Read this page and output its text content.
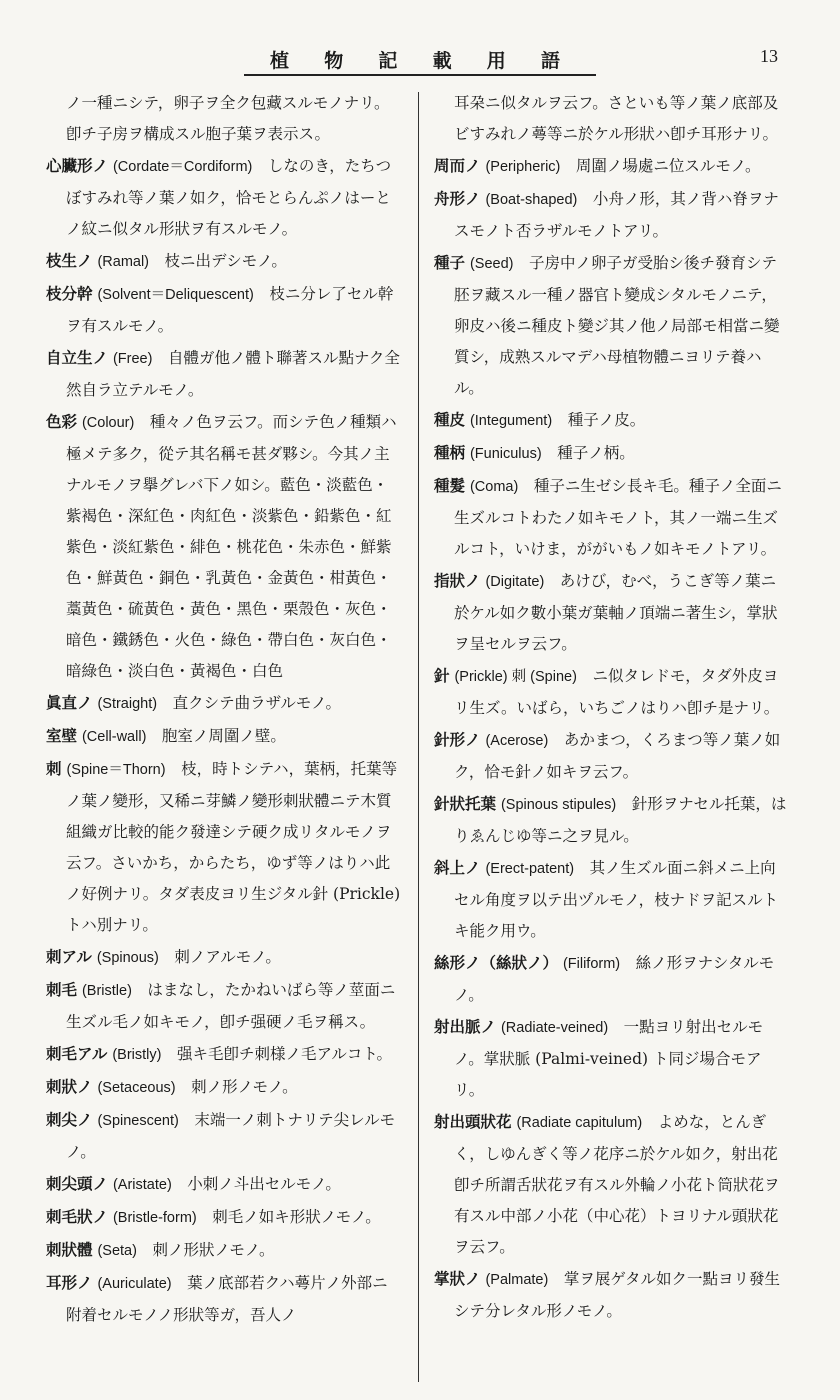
植 物 記 載 用 語	13

ノ一種ニシテ，卵子ヲ全ク包藏スルモノナリ。卽チ子房ヲ構成スル胞子葉ヲ表示ス。

心臟形ノ (Cordate＝Cordiform)　 しなのき，たちつぼすみれ等ノ葉ノ如ク，恰モとらんぷノはーとノ紋ニ似タル形狀ヲ有スルモノ。

枝生ノ (Ramal)　 枝ニ出デシモノ。

枝分幹 (Solvent＝Deliquescent)　 枝ニ分レ了セル幹ヲ有スルモノ。

自立生ノ (Free)　 自體ガ他ノ體ト聯著スル點ナク全然自ラ立テルモノ。

色彩 (Colour)　 種々ノ色ヲ云フ。而シテ色ノ種類ハ極メテ多ク，從テ其名稱モ甚ダ夥シ。今其ノ主ナルモノヲ擧グレバ下ノ如シ。藍色・淡藍色・紫褐色・深紅色・肉紅色・淡紫色・鉛紫色・紅紫色・淡紅紫色・緋色・桃花色・朱赤色・鮮紫色・鮮黃色・銅色・乳黃色・金黃色・柑黃色・藁黃色・硫黃色・黃色・黑色・栗殼色・灰色・暗色・鐵銹色・火色・綠色・帶白色・灰白色・暗綠色・淡白色・黃褐色・白色

眞直ノ (Straight)　 直クシテ曲ラザルモノ。

室壁 (Cell-wall)　 胞室ノ周圍ノ壁。

刺 (Spine＝Thorn)　 枝，時トシテハ，葉柄，托葉等ノ葉ノ變形，又稀ニ芽鱗ノ變形刺狀體ニテ木質組織ガ比較的能ク發達シテ硬ク成リタルモノヲ云フ。さいかち，からたち，ゆず等ノはりハ此ノ好例ナリ。タダ表皮ヨリ生ジタル針 (Prickle) トハ別ナリ。

刺アル (Spinous)　 刺ノアルモノ。

刺毛 (Bristle)　 はまなし，たかねいばら等ノ莖面ニ生ズル毛ノ如キモノ，卽チ强硬ノ毛ヲ稱ス。

刺毛アル (Bristly)　 强キ毛卽チ刺様ノ毛アルコト。

刺狀ノ (Setaceous)　 刺ノ形ノモノ。

刺尖ノ (Spinescent)　 末端一ノ刺トナリテ尖レルモノ。

刺尖頭ノ (Aristate)　 小刺ノ斗出セルモノ。

刺毛狀ノ (Bristle-form)　 刺毛ノ如キ形狀ノモノ。

刺狀體 (Seta)　 刺ノ形狀ノモノ。

耳形ノ (Auriculate)　 葉ノ底部若クハ蕚片ノ外部ニ附着セルモノノ形狀等ガ，吾人ノ

耳朶ニ似タルヲ云フ。さといも等ノ葉ノ底部及ビすみれノ蕚等ニ於ケル形狀ハ卽チ耳形ナリ。

周而ノ (Peripheric)　 周圍ノ場處ニ位スルモノ。

舟形ノ (Boat-shaped)　 小舟ノ形，其ノ背ハ脊ヲナスモノト否ラザルモノトアリ。

種子 (Seed)　 子房中ノ卵子ガ受胎シ後チ發育シテ胚ヲ藏スル一種ノ器官ト變成シタルモノニテ，卵皮ハ後ニ種皮ト變ジ其ノ他ノ局部モ相當ニ變質シ，成熟スルマデハ母植物體ニヨリテ養ハル。

種皮 (Integument)　 種子ノ皮。

種柄 (Funiculus)　 種子ノ柄。

種髮 (Coma)　 種子ニ生ゼシ長キ毛。種子ノ全面ニ生ズルコトわたノ如キモノト，其ノ一端ニ生ズルコト，いけま，ががいもノ如キモノトアリ。

指狀ノ (Digitate)　 あけび，むべ，うこぎ等ノ葉ニ於ケル如ク數小葉ガ葉軸ノ頂端ニ著生シ，掌狀ヲ呈セルヲ云フ。

針 (Prickle) 刺 (Spine)　 ニ似タレドモ，タダ外皮ヨリ生ズ。いばら，いちごノはりハ卽チ是ナリ。

針形ノ (Acerose)　 あかまつ，くろまつ等ノ葉ノ如ク，恰モ針ノ如キヲ云フ。

針狀托葉 (Spinous stipules)　 針形ヲナセル托葉，はりゑんじゆ等ニ之ヲ見ル。

斜上ノ (Erect-patent)　 其ノ生ズル面ニ斜メニ上向セル角度ヲ以テ出ヅルモノ，枝ナドヲ記スルトキ能ク用ウ。

絲形ノ（絲狀ノ） (Filiform)　 絲ノ形ヲナシタルモノ。

射出脈ノ (Radiate-veined)　 一點ヨリ射出セルモノ。掌狀脈 (Palmi-veined) ト同ジ場合モアリ。

射出頭狀花 (Radiate capitulum)　 よめな，とんぎく，しゆんぎく等ノ花序ニ於ケル如ク，射出花卽チ所謂舌狀花ヲ有スル外輪ノ小花ト筒狀花ヲ有スル中部ノ小花（中心花）トヨリナル頭狀花ヲ云フ。

掌狀ノ (Palmate)　 掌ヲ展ゲタル如ク一點ヨリ發生シテ分レタル形ノモノ。
